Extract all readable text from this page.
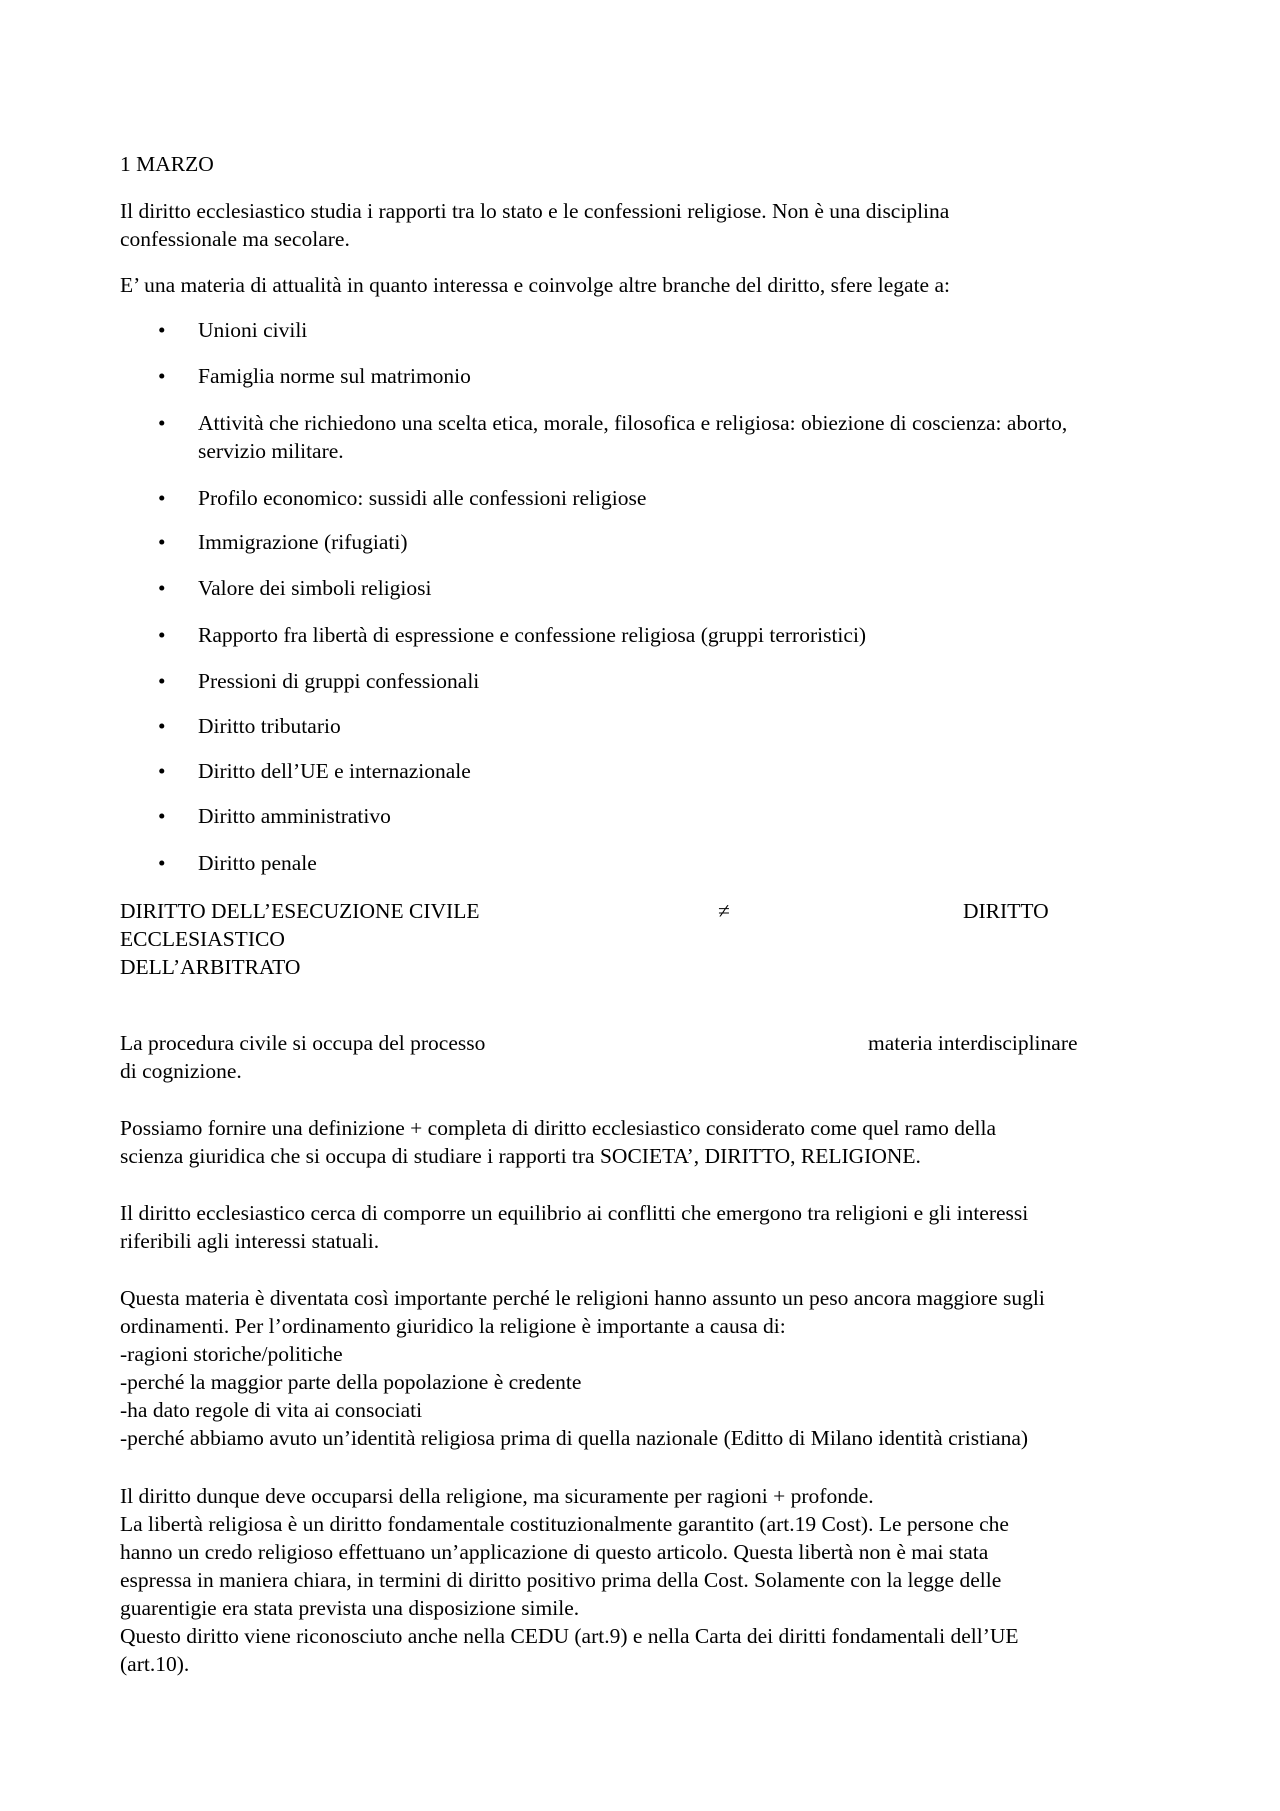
1 MARZO

Il diritto ecclesiastico studia i rapporti tra lo stato e le confessioni religiose. Non è una disciplina
confessionale ma secolare.

E’ una materia di attualità in quanto interessa e coinvolge altre branche del diritto, sfere legate a:

•	Unioni civili
•	Famiglia norme sul matrimonio
•	Attività che richiedono una scelta etica, morale, filosofica e religiosa: obiezione di coscienza: aborto,
servizio militare.
•	Profilo economico: sussidi alle confessioni religiose
•	Immigrazione (rifugiati)
•	Valore dei simboli religiosi
•	Rapporto fra libertà di espressione e confessione religiosa (gruppi terroristici)
•	Pressioni di gruppi confessionali
•	Diritto tributario
•	Diritto dell’UE e internazionale
•	Diritto amministrativo
•	Diritto penale
DIRITTO DELL’ESECUZIONE CIVILE	≠	DIRITTO
ECCLESIASTICO
DELL’ARBITRATO
La procedura civile si occupa del processo	materia interdisciplinare
di cognizione.
Possiamo fornire una definizione + completa di diritto ecclesiastico considerato come quel ramo della
scienza giuridica che si occupa di studiare i rapporti tra SOCIETA’, DIRITTO, RELIGIONE.
Il diritto ecclesiastico cerca di comporre un equilibrio ai conflitti che emergono tra religioni e gli interessi
riferibili agli interessi statuali.
Questa materia è diventata così importante perché le religioni hanno assunto un peso ancora maggiore sugli
ordinamenti. Per l’ordinamento giuridico la religione è importante a causa di:
-ragioni storiche/politiche
-perché la maggior parte della popolazione è credente
-ha dato regole di vita ai consociati
-perché abbiamo avuto un’identità religiosa prima di quella nazionale (Editto di Milano identità cristiana)
Il diritto dunque deve occuparsi della religione, ma sicuramente per ragioni + profonde.
La libertà religiosa è un diritto fondamentale costituzionalmente garantito (art.19 Cost). Le persone che
hanno un credo religioso effettuano un’applicazione di questo articolo. Questa libertà non è mai stata
espressa in maniera chiara, in termini di diritto positivo prima della Cost. Solamente con la legge delle
guarentigie era stata prevista una disposizione simile.
Questo diritto viene riconosciuto anche nella CEDU (art.9) e nella Carta dei diritti fondamentali dell’UE
(art.10).
